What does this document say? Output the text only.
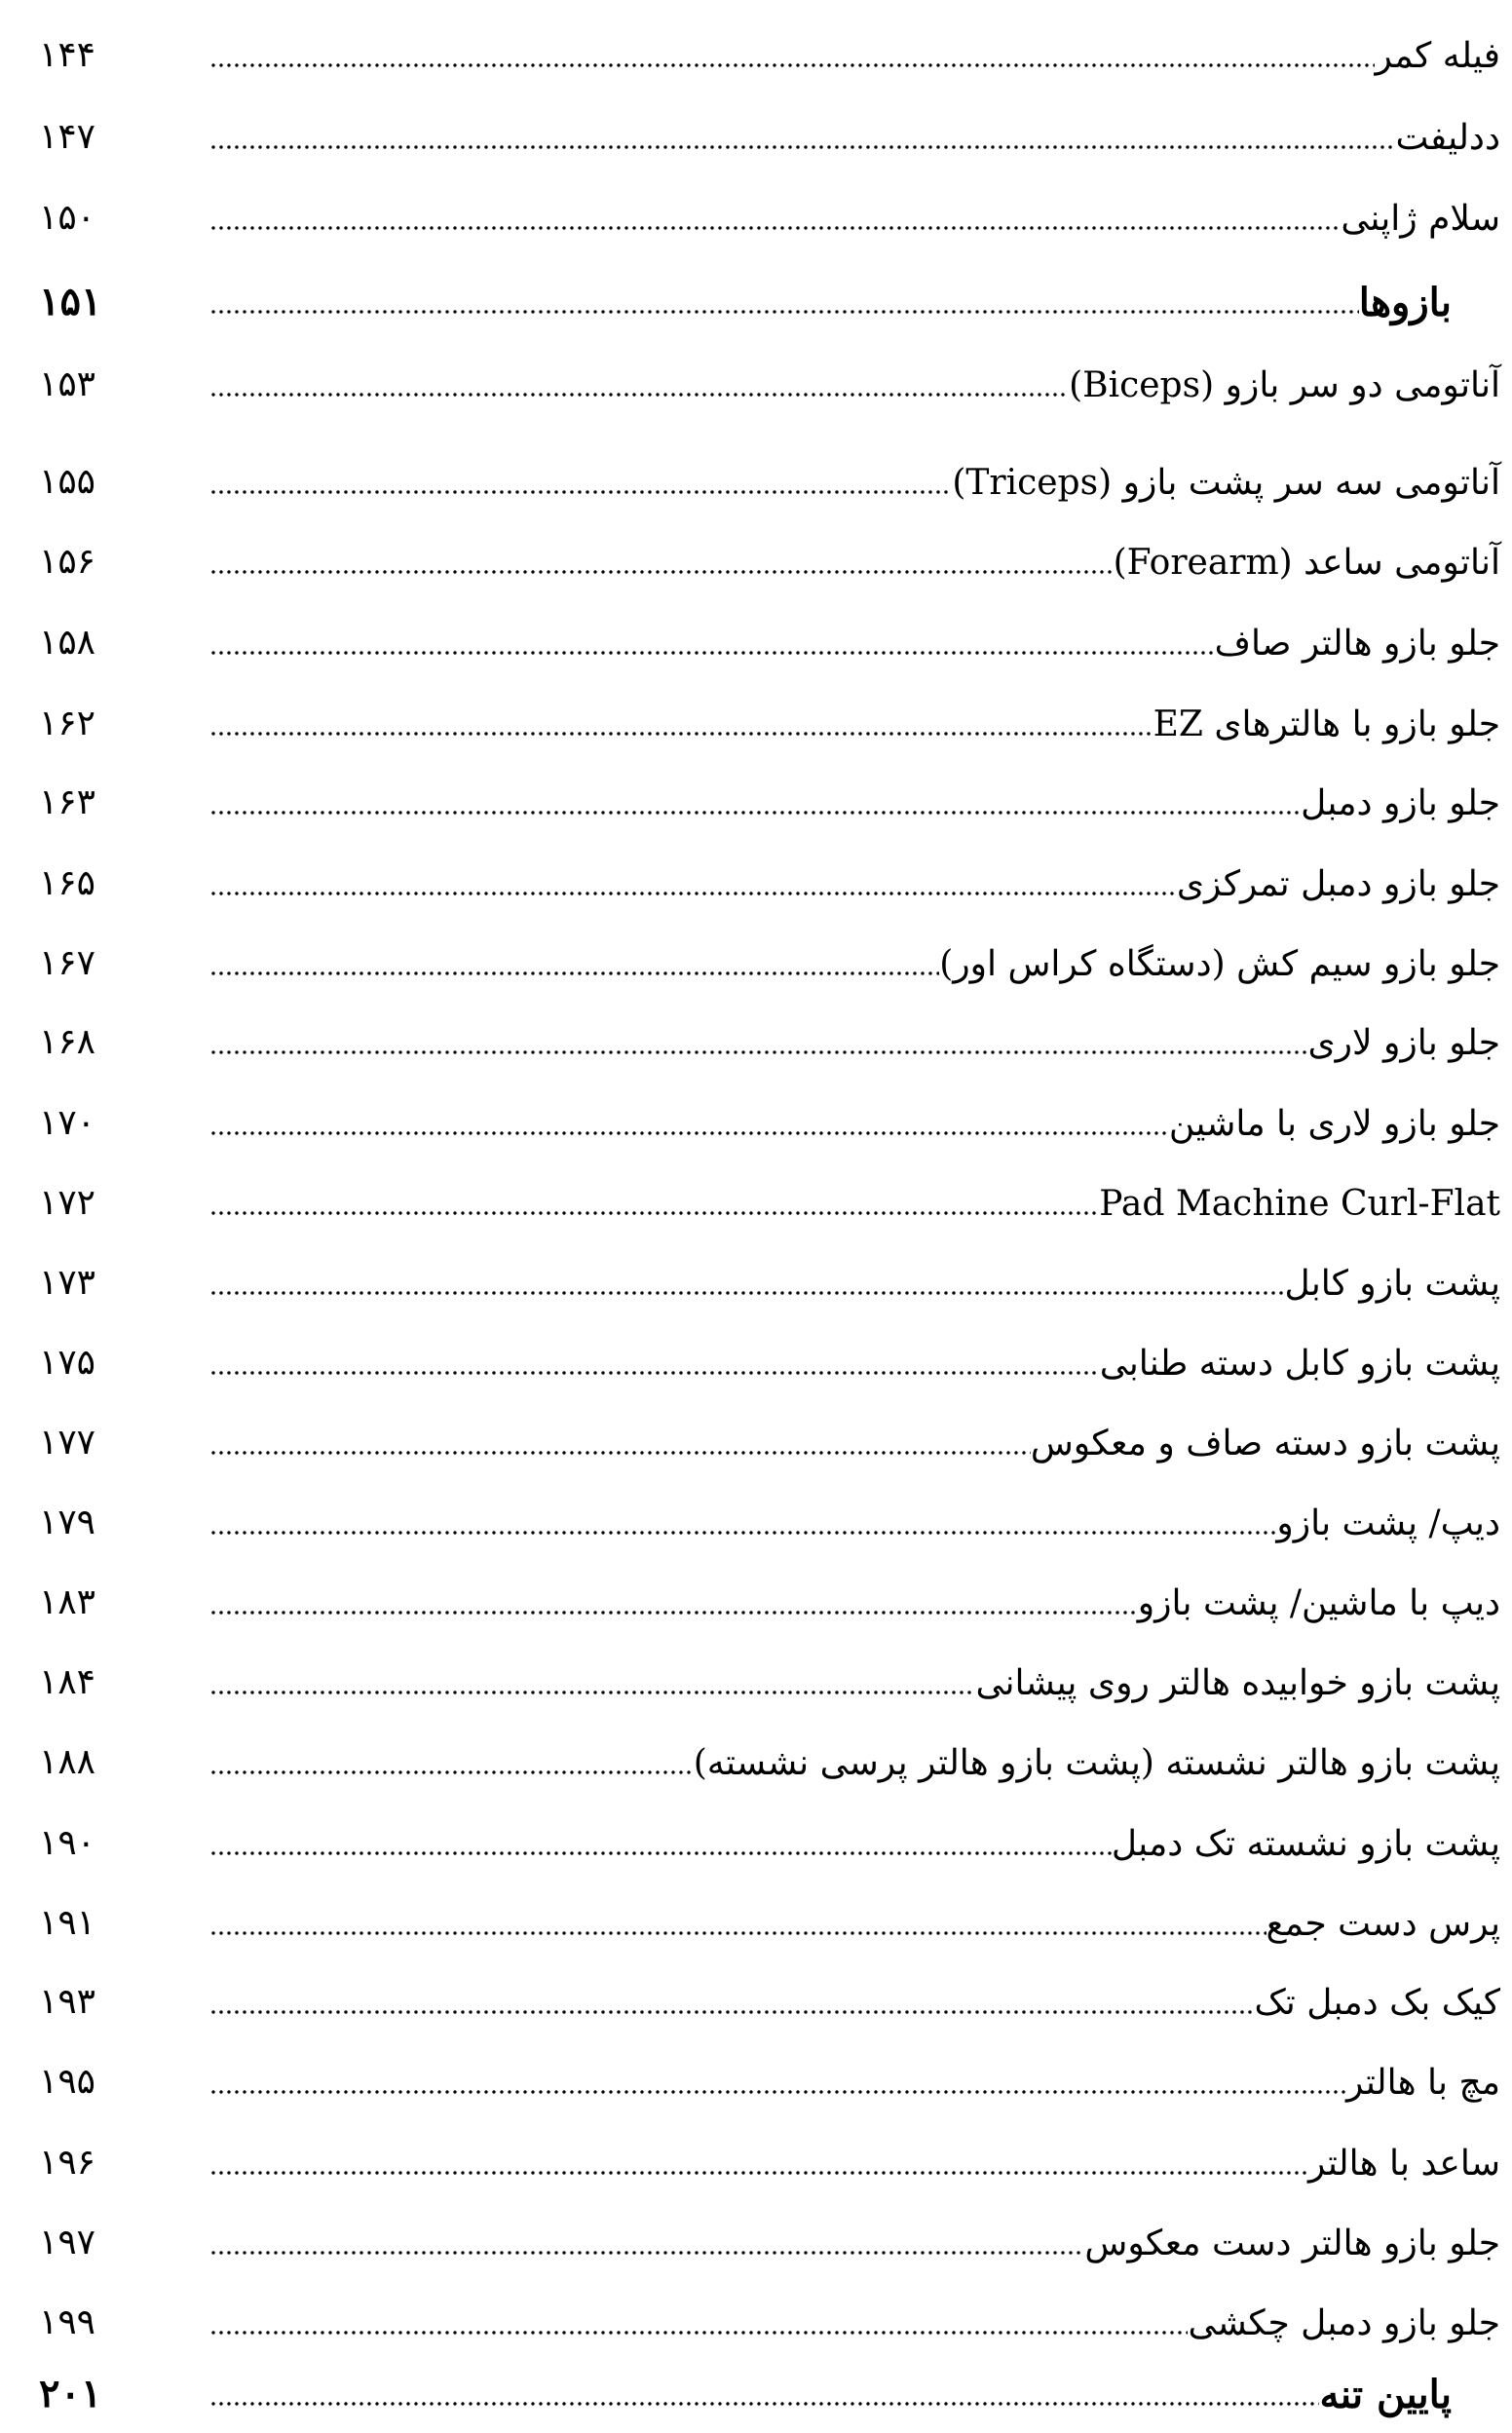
۱۴۴	فیله کمر
۱۴۷	ددلیفت
۱۵۰	سلام ژاپنی
۱۵۱	بازوها
۱۵۳	آناتومی دو سر بازو (Biceps)
۱۵۵	آناتومی سه سر پشت بازو (Triceps)
۱۵۶	آناتومی ساعد (Forearm)
۱۵۸	جلو بازو هالتر صاف
۱۶۲	جلو بازو با هالترهای EZ
۱۶۳	جلو بازو دمبل
۱۶۵	جلو بازو دمبل تمرکزی
۱۶۷	جلو بازو سیم کش (دستگاه کراس اور)
۱۶۸	جلو بازو لاری
۱۷۰	جلو بازو لاری با ماشین
۱۷۲	Pad Machine Curl-Flat
۱۷۳	پشت بازو کابل
۱۷۵	پشت بازو کابل دسته طنابی
۱۷۷	پشت بازو دسته صاف و معکوس
۱۷۹	دیپ/ پشت بازو
۱۸۳	دیپ با ماشین/ پشت بازو
۱۸۴	پشت بازو خوابیده هالتر روی پیشانی
۱۸۸	پشت بازو هالتر نشسته (پشت بازو هالتر پرسی نشسته)
۱۹۰	پشت بازو نشسته تک دمبل
۱۹۱	پرس دست جمع
۱۹۳	کیک بک دمبل تک
۱۹۵	مچ با هالتر
۱۹۶	ساعد با هالتر
۱۹۷	جلو بازو هالتر دست معکوس
۱۹۹	جلو بازو دمبل چکشی
۲۰۱	پایین تنه
